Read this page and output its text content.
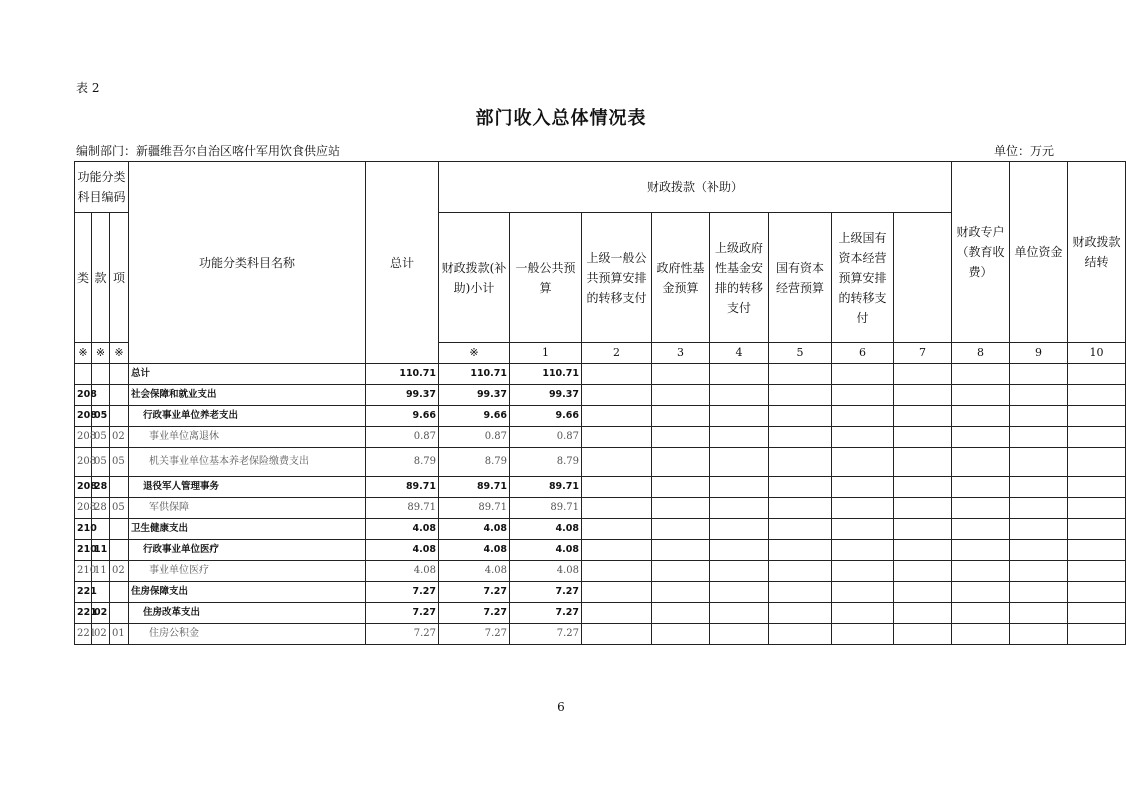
表 2
部门收入总体情况表
编制部门：新疆维吾尔自治区喀什军用饮食供应站	单位：万元
功能分类科目编码			功能分类科目名称	总计	财政拨款（补助）								财政专户（教育收费）	单位资金	财政拨款结转	
类	款	项			财政拨款(补助)小计	一般公共预算	上级一般公共预算安排的转移支付	政府性基金预算	上级政府性基金安排的转移支付	国有资本经营预算	上级国有资本经营预算安排的转移支付					
※	※	※			※	1	2	3	4	5	6	7	8	9	10		
			总计	110.71	110.71	110.71										
208			社会保障和就业支出	99.37	99.37	99.37										
208	05		行政事业单位养老支出	9.66	9.66	9.66										
208	05	02	事业单位离退休	0.87	0.87	0.87										
208	05	05	机关事业单位基本养老保险缴费支出	8.79	8.79	8.79										
208	28		退役军人管理事务	89.71	89.71	89.71										
208	28	05	军供保障	89.71	89.71	89.71										
210			卫生健康支出	4.08	4.08	4.08										
210	11		行政事业单位医疗	4.08	4.08	4.08										
210	11	02	事业单位医疗	4.08	4.08	4.08										
221			住房保障支出	7.27	7.27	7.27										
221	02		住房改革支出	7.27	7.27	7.27										
221	02	01	住房公积金	7.27	7.27	7.27										
6
